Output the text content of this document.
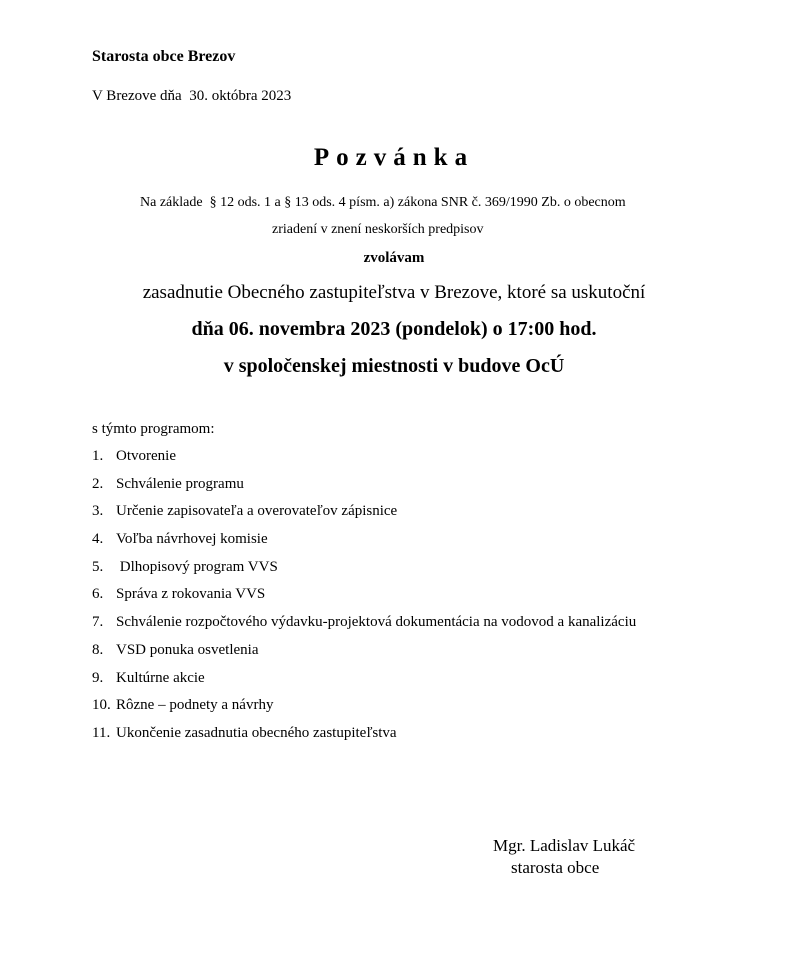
Starosta obce Brezov
V Brezove dňa  30. októbra 2023
Pozvánka
Na základe  § 12 ods. 1 a § 13 ods. 4 písm. a) zákona SNR č. 369/1990 Zb. o obecnom
zriadení v znení neskorších predpisov
zvolávam
zasadnutie Obecného zastupiteľstva v Brezove, ktoré sa uskutoční
dňa 06. novembra 2023 (pondelok) o 17:00 hod.
v spoločenskej miestnosti v budove OcÚ
s týmto programom:
1. Otvorenie
2. Schválenie programu
3. Určenie zapisovateľa a overovateľov zápisnice
4. Voľba návrhovej komisie
5. Dlhopisový program VVS
6. Správa z rokovania VVS
7. Schválenie rozpočtového výdavku-projektová dokumentácia na vodovod a kanalizáciu
8. VSD ponuka osvetlenia
9. Kultúrne akcie
10. Rôzne – podnety a návrhy
11. Ukončenie zasadnutia obecného zastupiteľstva
Mgr. Ladislav Lukáč
starosta obce
